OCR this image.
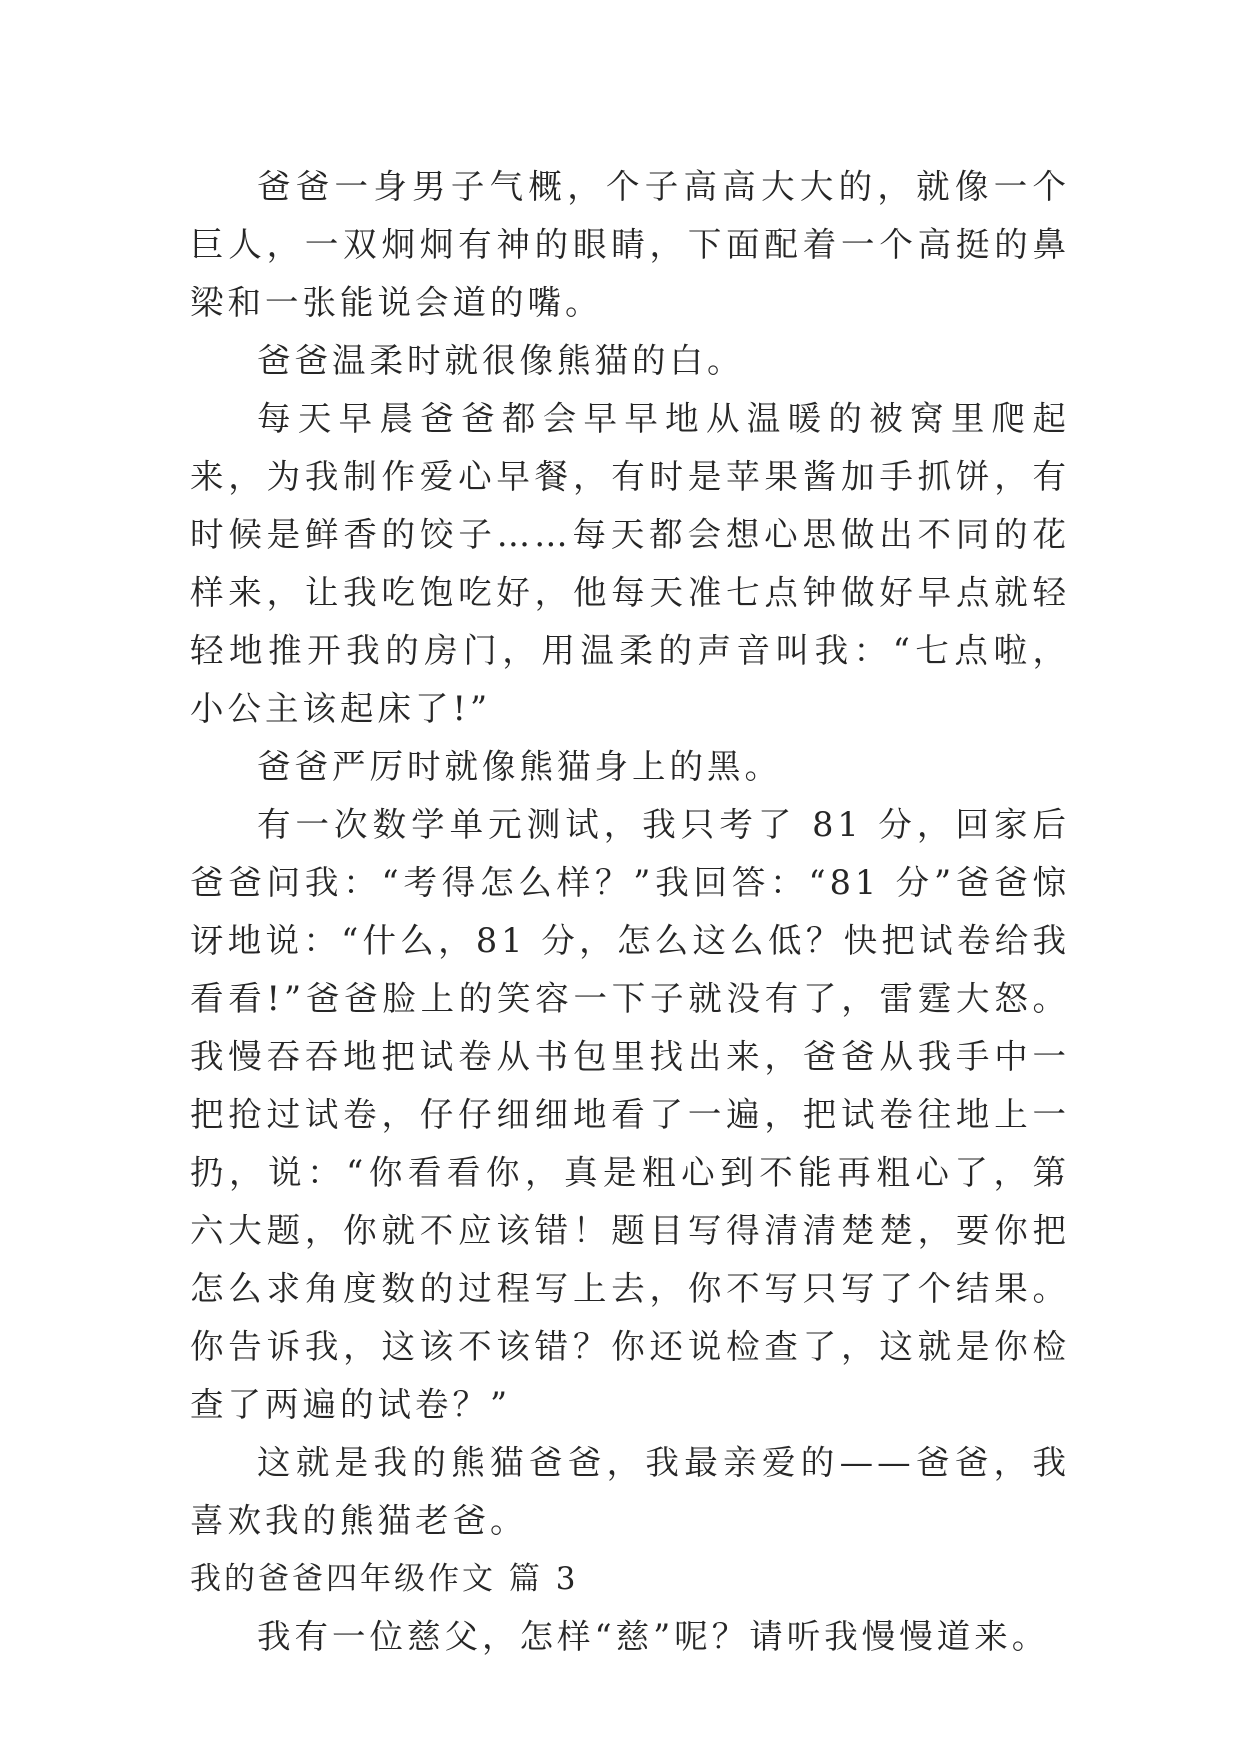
爸爸一身男子气概，个子高高大大的，就像一个巨人，一双炯炯有神的眼睛，下面配着一个高挺的鼻梁和一张能说会道的嘴。

爸爸温柔时就很像熊猫的白。

每天早晨爸爸都会早早地从温暖的被窝里爬起来，为我制作爱心早餐，有时是苹果酱加手抓饼，有时候是鲜香的饺子……每天都会想心思做出不同的花样来，让我吃饱吃好，他每天准七点钟做好早点就轻轻地推开我的房门，用温柔的声音叫我：“七点啦，小公主该起床了!”

爸爸严厉时就像熊猫身上的黑。

有一次数学单元测试，我只考了 81 分，回家后爸爸问我：“考得怎么样？”我回答：“81 分”爸爸惊讶地说：“什么，81 分，怎么这么低？快把试卷给我看看!”爸爸脸上的笑容一下子就没有了，雷霆大怒。我慢吞吞地把试卷从书包里找出来，爸爸从我手中一把抢过试卷，仔仔细细地看了一遍，把试卷往地上一扔，说：“你看看你，真是粗心到不能再粗心了，第六大题，你就不应该错！题目写得清清楚楚，要你把怎么求角度数的过程写上去，你不写只写了个结果。你告诉我，这该不该错？你还说检查了，这就是你检查了两遍的试卷？”

这就是我的熊猫爸爸，我最亲爱的——爸爸，我喜欢我的熊猫老爸。

我的爸爸四年级作文 篇 3

我有一位慈父，怎样“慈”呢？请听我慢慢道来。
